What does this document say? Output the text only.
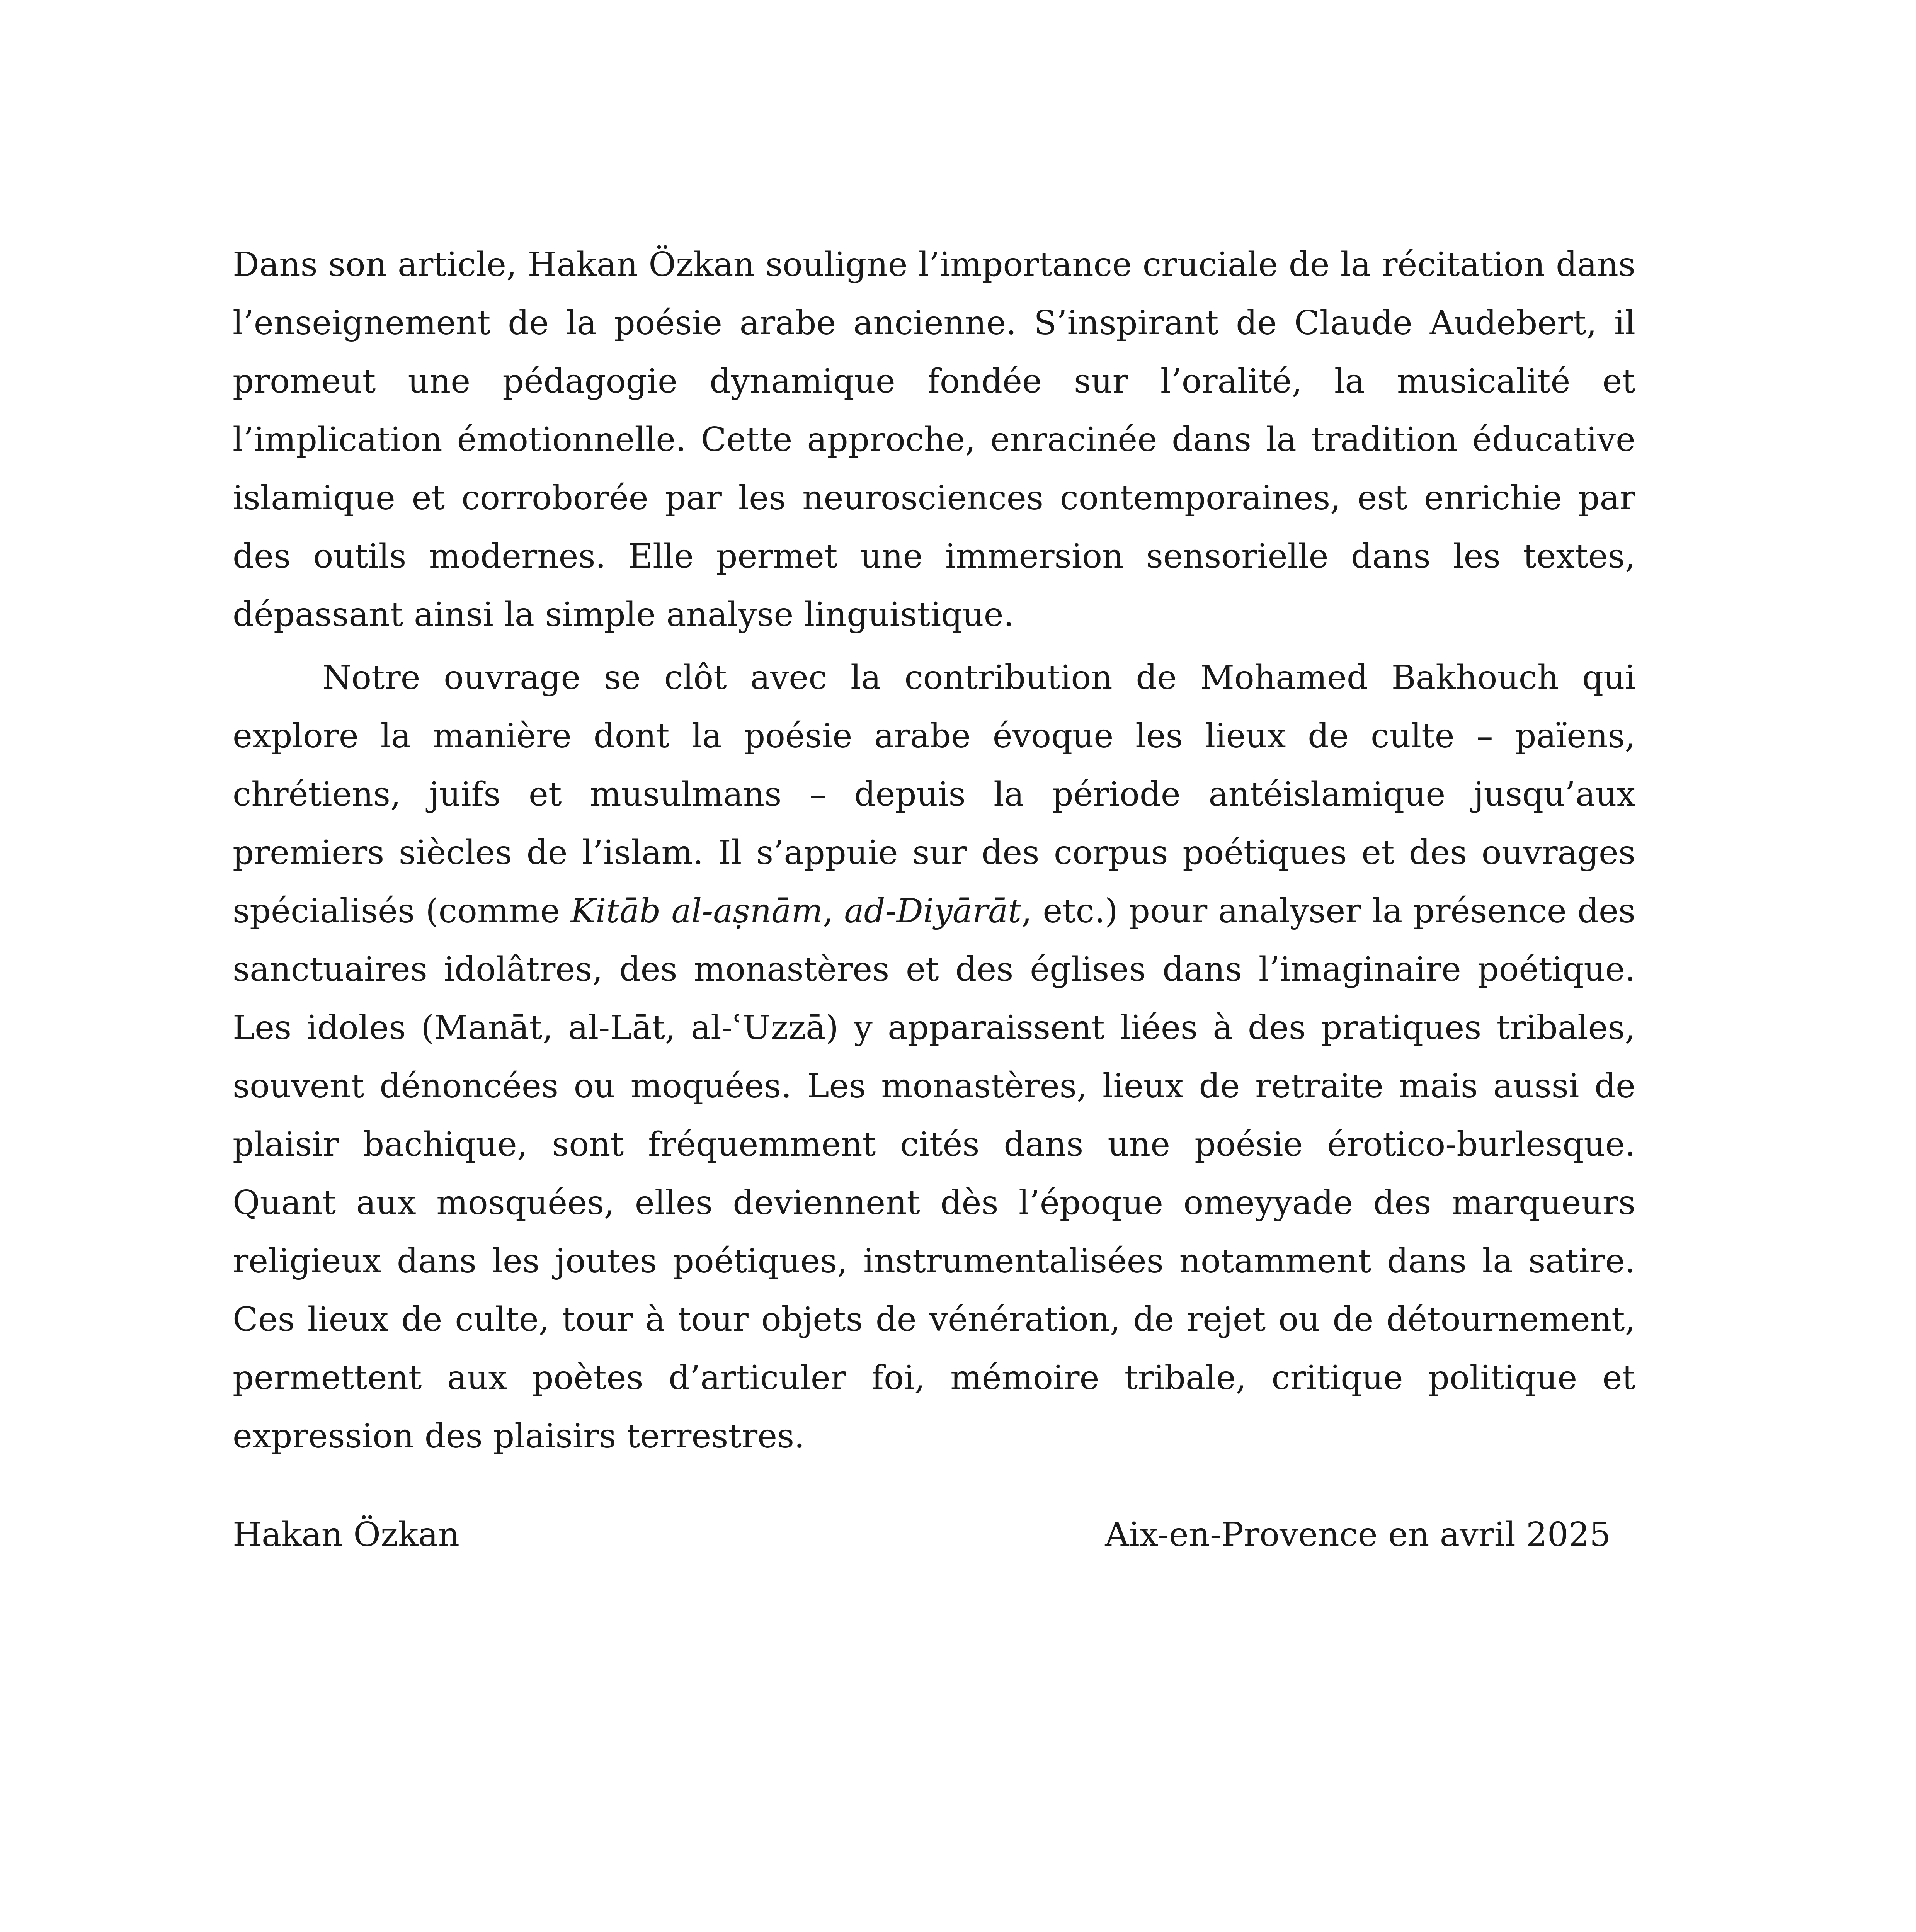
Dans son article, Hakan Özkan souligne l’importance cruciale de la récitation dans l’enseignement de la poésie arabe ancienne. S’inspirant de Claude Audebert, il promeut une pédagogie dynamique fondée sur l’oralité, la musicalité et l’implication émotionnelle. Cette approche, enracinée dans la tradition éducative islamique et corroborée par les neurosciences contemporaines, est enrichie par des outils modernes. Elle permet une immersion sensorielle dans les textes, dépassant ainsi la simple analyse linguistique.

Notre ouvrage se clôt avec la contribution de Mohamed Bakhouch qui explore la manière dont la poésie arabe évoque les lieux de culte – païens, chrétiens, juifs et musulmans – depuis la période antéislamique jusqu’aux premiers siècles de l’islam. Il s’appuie sur des corpus poétiques et des ouvrages spécialisés (comme Kitāb al-aṣnām, ad-Diyārāt, etc.) pour analyser la présence des sanctuaires idolâtres, des monastères et des églises dans l’imaginaire poétique. Les idoles (Manāt, al-Lāt, al-ʿUzzā) y apparaissent liées à des pratiques tribales, souvent dénoncées ou moquées. Les monastères, lieux de retraite mais aussi de plaisir bachique, sont fréquemment cités dans une poésie érotico-burlesque. Quant aux mosquées, elles deviennent dès l’époque omeyyade des marqueurs religieux dans les joutes poétiques, instrumentalisées notamment dans la satire. Ces lieux de culte, tour à tour objets de vénération, de rejet ou de détournement, permettent aux poètes d’articuler foi, mémoire tribale, critique politique et expression des plaisirs terrestres.

Hakan Özkan	Aix-en-Provence en avril 2025
